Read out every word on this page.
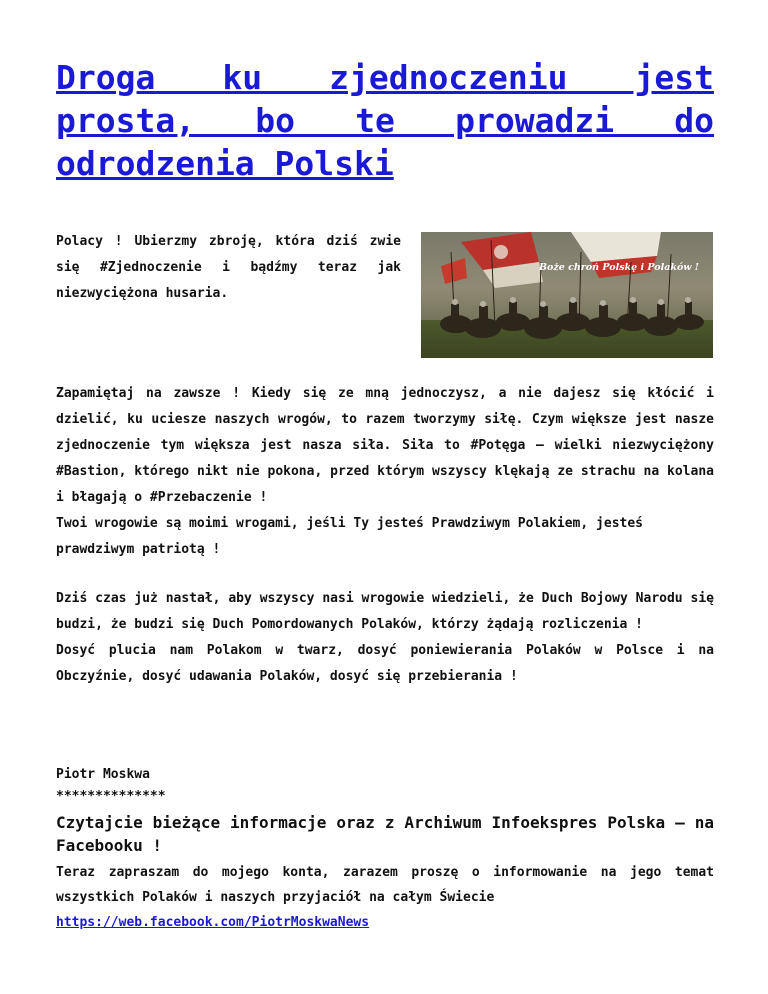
Droga ku zjednoczeniu jest prosta, bo te prowadzi do odrodzenia Polski

Polacy ! Ubierzmy zbroję, która dziś zwie się #Zjednoczenie i bądźmy teraz jak niezwyciężona husaria.

Boże chroń Polskę i Polaków !

Zapamiętaj na zawsze ! Kiedy się ze mną jednoczysz, a nie dajesz się kłócić i dzielić, ku uciesze naszych wrogów, to razem tworzymy siłę. Czym większe jest nasze zjednoczenie tym większa jest nasza siła. Siła to #Potęga – wielki niezwyciężony #Bastion, którego nikt nie pokona, przed którym wszyscy klękają ze strachu na kolana i błagają o #Przebaczenie !
Twoi wrogowie są moimi wrogami, jeśli Ty jesteś Prawdziwym Polakiem, jesteś prawdziwym patriotą !

Dziś czas już nastał, aby wszyscy nasi wrogowie wiedzieli, że Duch Bojowy Narodu się budzi, że budzi się Duch Pomordowanych Polaków, którzy żądają rozliczenia !
Dosyć plucia nam Polakom w twarz, dosyć poniewierania Polaków w Polsce i na Obczyźnie, dosyć udawania Polaków, dosyć się przebierania !

Piotr Moskwa
**************

Czytajcie bieżące informacje oraz z Archiwum Infoekspres Polska – na Facebooku !

Teraz zapraszam do mojego konta, zarazem proszę o informowanie na jego temat wszystkich Polaków i naszych przyjaciół na całym Świecie
https://web.facebook.com/PiotrMoskwaNews
